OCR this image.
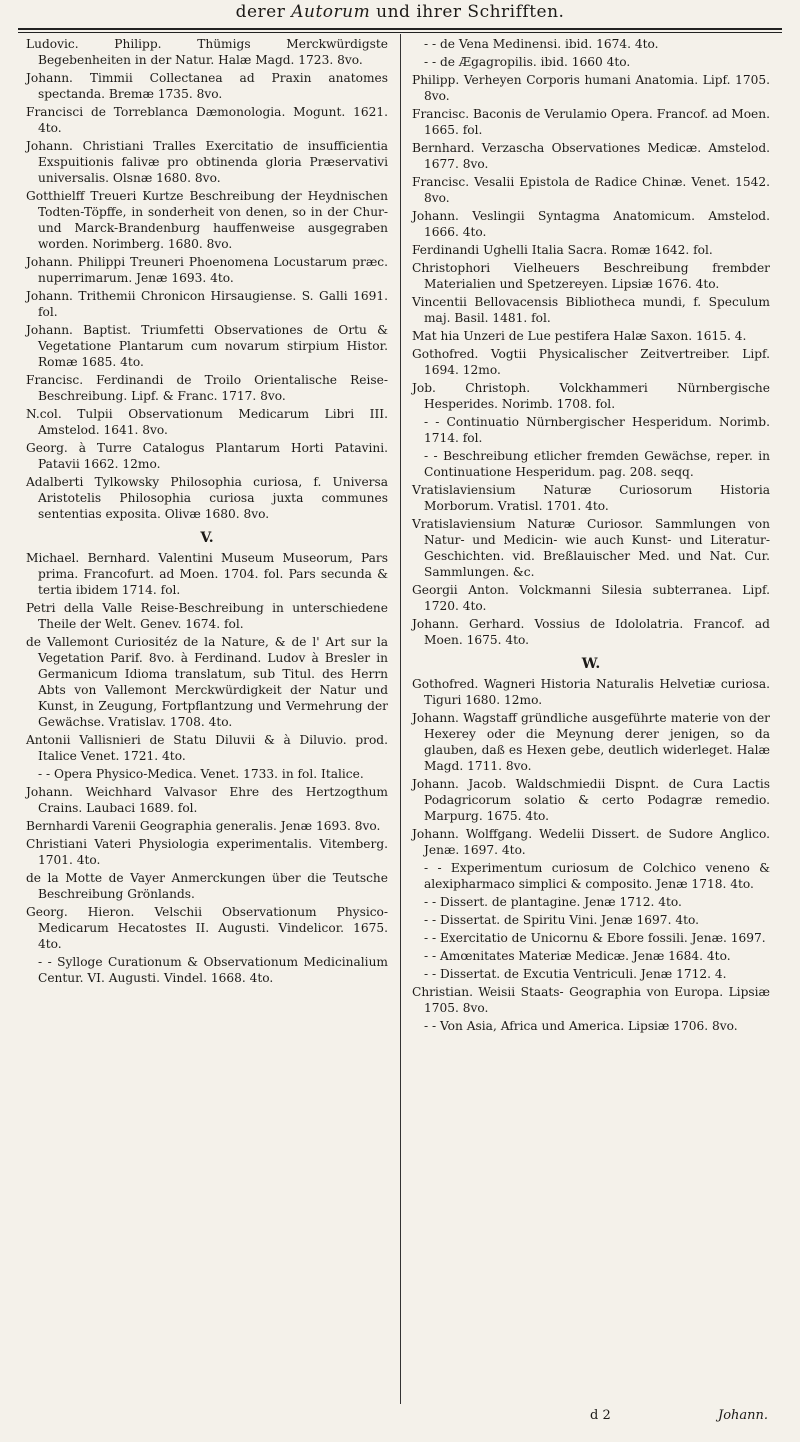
derer Autorum und ihrer Schrifften.
Ludovic. Philipp. Thümigs Merckwürdigste Begebenheiten in der Natur. Halæ Magd. 1723. 8vo.
Johann. Timmii Collectanea ad Praxin anatomes spectanda. Bremæ 1735. 8vo.
Francisci de Torreblanca Dæmonologia. Mogunt. 1621. 4to.
Johann. Christiani Tralles Exercitatio de insufficientia Exspuitionis falivæ pro obtinenda gloria Præservativi universalis. Olsnæ 1680. 8vo.
Gotthielff Treueri Kurtze Beschreibung der Heydnischen Todten-Töpffe, in sonderheit von denen, so in der Chur- und Marck-Brandenburg hauffenweise ausgegraben worden. Norimberg. 1680. 8vo.
Johann. Philippi Treuneri Phoenomena Locustarum præc. nuperrimarum. Jenæ 1693. 4to.
Johann. Trithemii Chronicon Hirsaugiense. S. Galli 1691. fol.
Johann. Baptist. Triumfetti Observationes de Ortu & Vegetatione Plantarum cum novarum stirpium Histor. Romæ 1685. 4to.
Francisc. Ferdinandi de Troilo Orientalische Reise-Beschreibung. Lipf. & Franc. 1717. 8vo.
N.col. Tulpii Observationum Medicarum Libri III. Amstelod. 1641. 8vo.
Georg. à Turre Catalogus Plantarum Horti Patavini. Patavii 1662. 12mo.
Adalberti Tylkowsky Philosophia curiosa, f. Universa Aristotelis Philosophia curiosa juxta communes sententias exposita. Olivæ 1680. 8vo.
V.
Michael. Bernhard. Valentini Museum Museorum, Pars prima. Francofurt. ad Moen. 1704. fol. Pars secunda & tertia ibidem 1714. fol.
Petri della Valle Reise-Beschreibung in unterschiedene Theile der Welt. Genev. 1674. fol.
de Vallemont Curiositéz de la Nature, & de l' Art sur la Vegetation Parif. 8vo. à Ferdinand. Ludov à Bresler in Germanicum Idioma translatum, sub Titul. des Herrn Abts von Vallemont Merckwürdigkeit der Natur und Kunst, in Zeugung, Fortpflantzung und Vermehrung der Gewächse. Vratislav. 1708. 4to.
Antonii Vallisnieri de Statu Diluvii & à Diluvio. prod. Italice Venet. 1721. 4to.
- - Opera Physico-Medica. Venet. 1733. in fol. Italice.
Johann. Weichhard Valvasor Ehre des Hertzogthum Crains. Laubaci 1689. fol.
Bernhardi Varenii Geographia generalis. Jenæ 1693. 8vo.
Christiani Vateri Physiologia experimentalis. Vitemberg. 1701. 4to.
de la Motte de Vayer Anmerckungen über die Teutsche Beschreibung Grönlands.
Georg. Hieron. Velschii Observationum Physico-Medicarum Hecatostes II. Augusti. Vindelicor. 1675. 4to.
- - Sylloge Curationum & Observationum Medicinalium Centur. VI. Augusti. Vindel. 1668. 4to.
- - de Vena Medinensi. ibid. 1674. 4to.
- - de Ægagropilis. ibid. 1660 4to.
Philipp. Verheyen Corporis humani Anatomia. Lipf. 1705. 8vo.
Francisc. Baconis de Verulamio Opera. Francof. ad Moen. 1665. fol.
Bernhard. Verzascha Observationes Medicæ. Amstelod. 1677. 8vo.
Francisc. Vesalii Epistola de Radice Chinæ. Venet. 1542. 8vo.
Johann. Veslingii Syntagma Anatomicum. Amstelod. 1666. 4to.
Ferdinandi Ughelli Italia Sacra. Romæ 1642. fol.
Christophori Vielheuers Beschreibung frembder Materialien und Spetzereyen. Lipsiæ 1676. 4to.
Vincentii Bellovacensis Bibliotheca mundi, f. Speculum maj. Basil. 1481. fol.
Mat hia Unzeri de Lue pestifera Halæ Saxon. 1615. 4.
Gothofred. Vogtii Physicalischer Zeitvertreiber. Lipf. 1694. 12mo.
Job. Christoph. Volckhammeri Nürnbergische Hesperides. Norimb. 1708. fol.
- - Continuatio Nürnbergischer Hesperidum. Norimb. 1714. fol.
- - Beschreibung etlicher fremden Gewächse, reper. in Continuatione Hesperidum. pag. 208. seqq.
Vratislaviensium Naturæ Curiosorum Historia Morborum. Vratisl. 1701. 4to.
Vratislaviensium Naturæ Curiosor. Sammlungen von Natur- und Medicin- wie auch Kunst- und Literatur- Geschichten. vid. Breßlauischer Med. und Nat. Cur. Sammlungen. &c.
Georgii Anton. Volckmanni Silesia subterranea. Lipf. 1720. 4to.
Johann. Gerhard. Vossius de Idololatria. Francof. ad Moen. 1675. 4to.
W.
Gothofred. Wagneri Historia Naturalis Helvetiæ curiosa. Tiguri 1680. 12mo.
Johann. Wagstaff gründliche ausgeführte materie von der Hexerey oder die Meynung derer jenigen, so da glauben, daß es Hexen gebe, deutlich widerleget. Halæ Magd. 1711. 8vo.
Johann. Jacob. Waldschmiedii Dispnt. de Cura Lactis Podagricorum solatio & certo Podagræ remedio. Marpurg. 1675. 4to.
Johann. Wolffgang. Wedelii Dissert. de Sudore Anglico. Jenæ. 1697. 4to.
- - Experimentum curiosum de Colchico veneno & alexipharmaco simplici & composito. Jenæ 1718. 4to.
- - Dissert. de plantagine. Jenæ 1712. 4to.
- - Dissertat. de Spiritu Vini. Jenæ 1697. 4to.
- - Exercitatio de Unicornu & Ebore fossili. Jenæ. 1697.
- - Amœnitates Materiæ Medicæ. Jenæ 1684. 4to.
- - Dissertat. de Excutia Ventriculi. Jenæ 1712. 4.
Christian. Weisii Staats- Geographia von Europa. Lipsiæ 1705. 8vo.
- - Von Asia, Africa und America. Lipsiæ 1706. 8vo.
d 2	Johann.
